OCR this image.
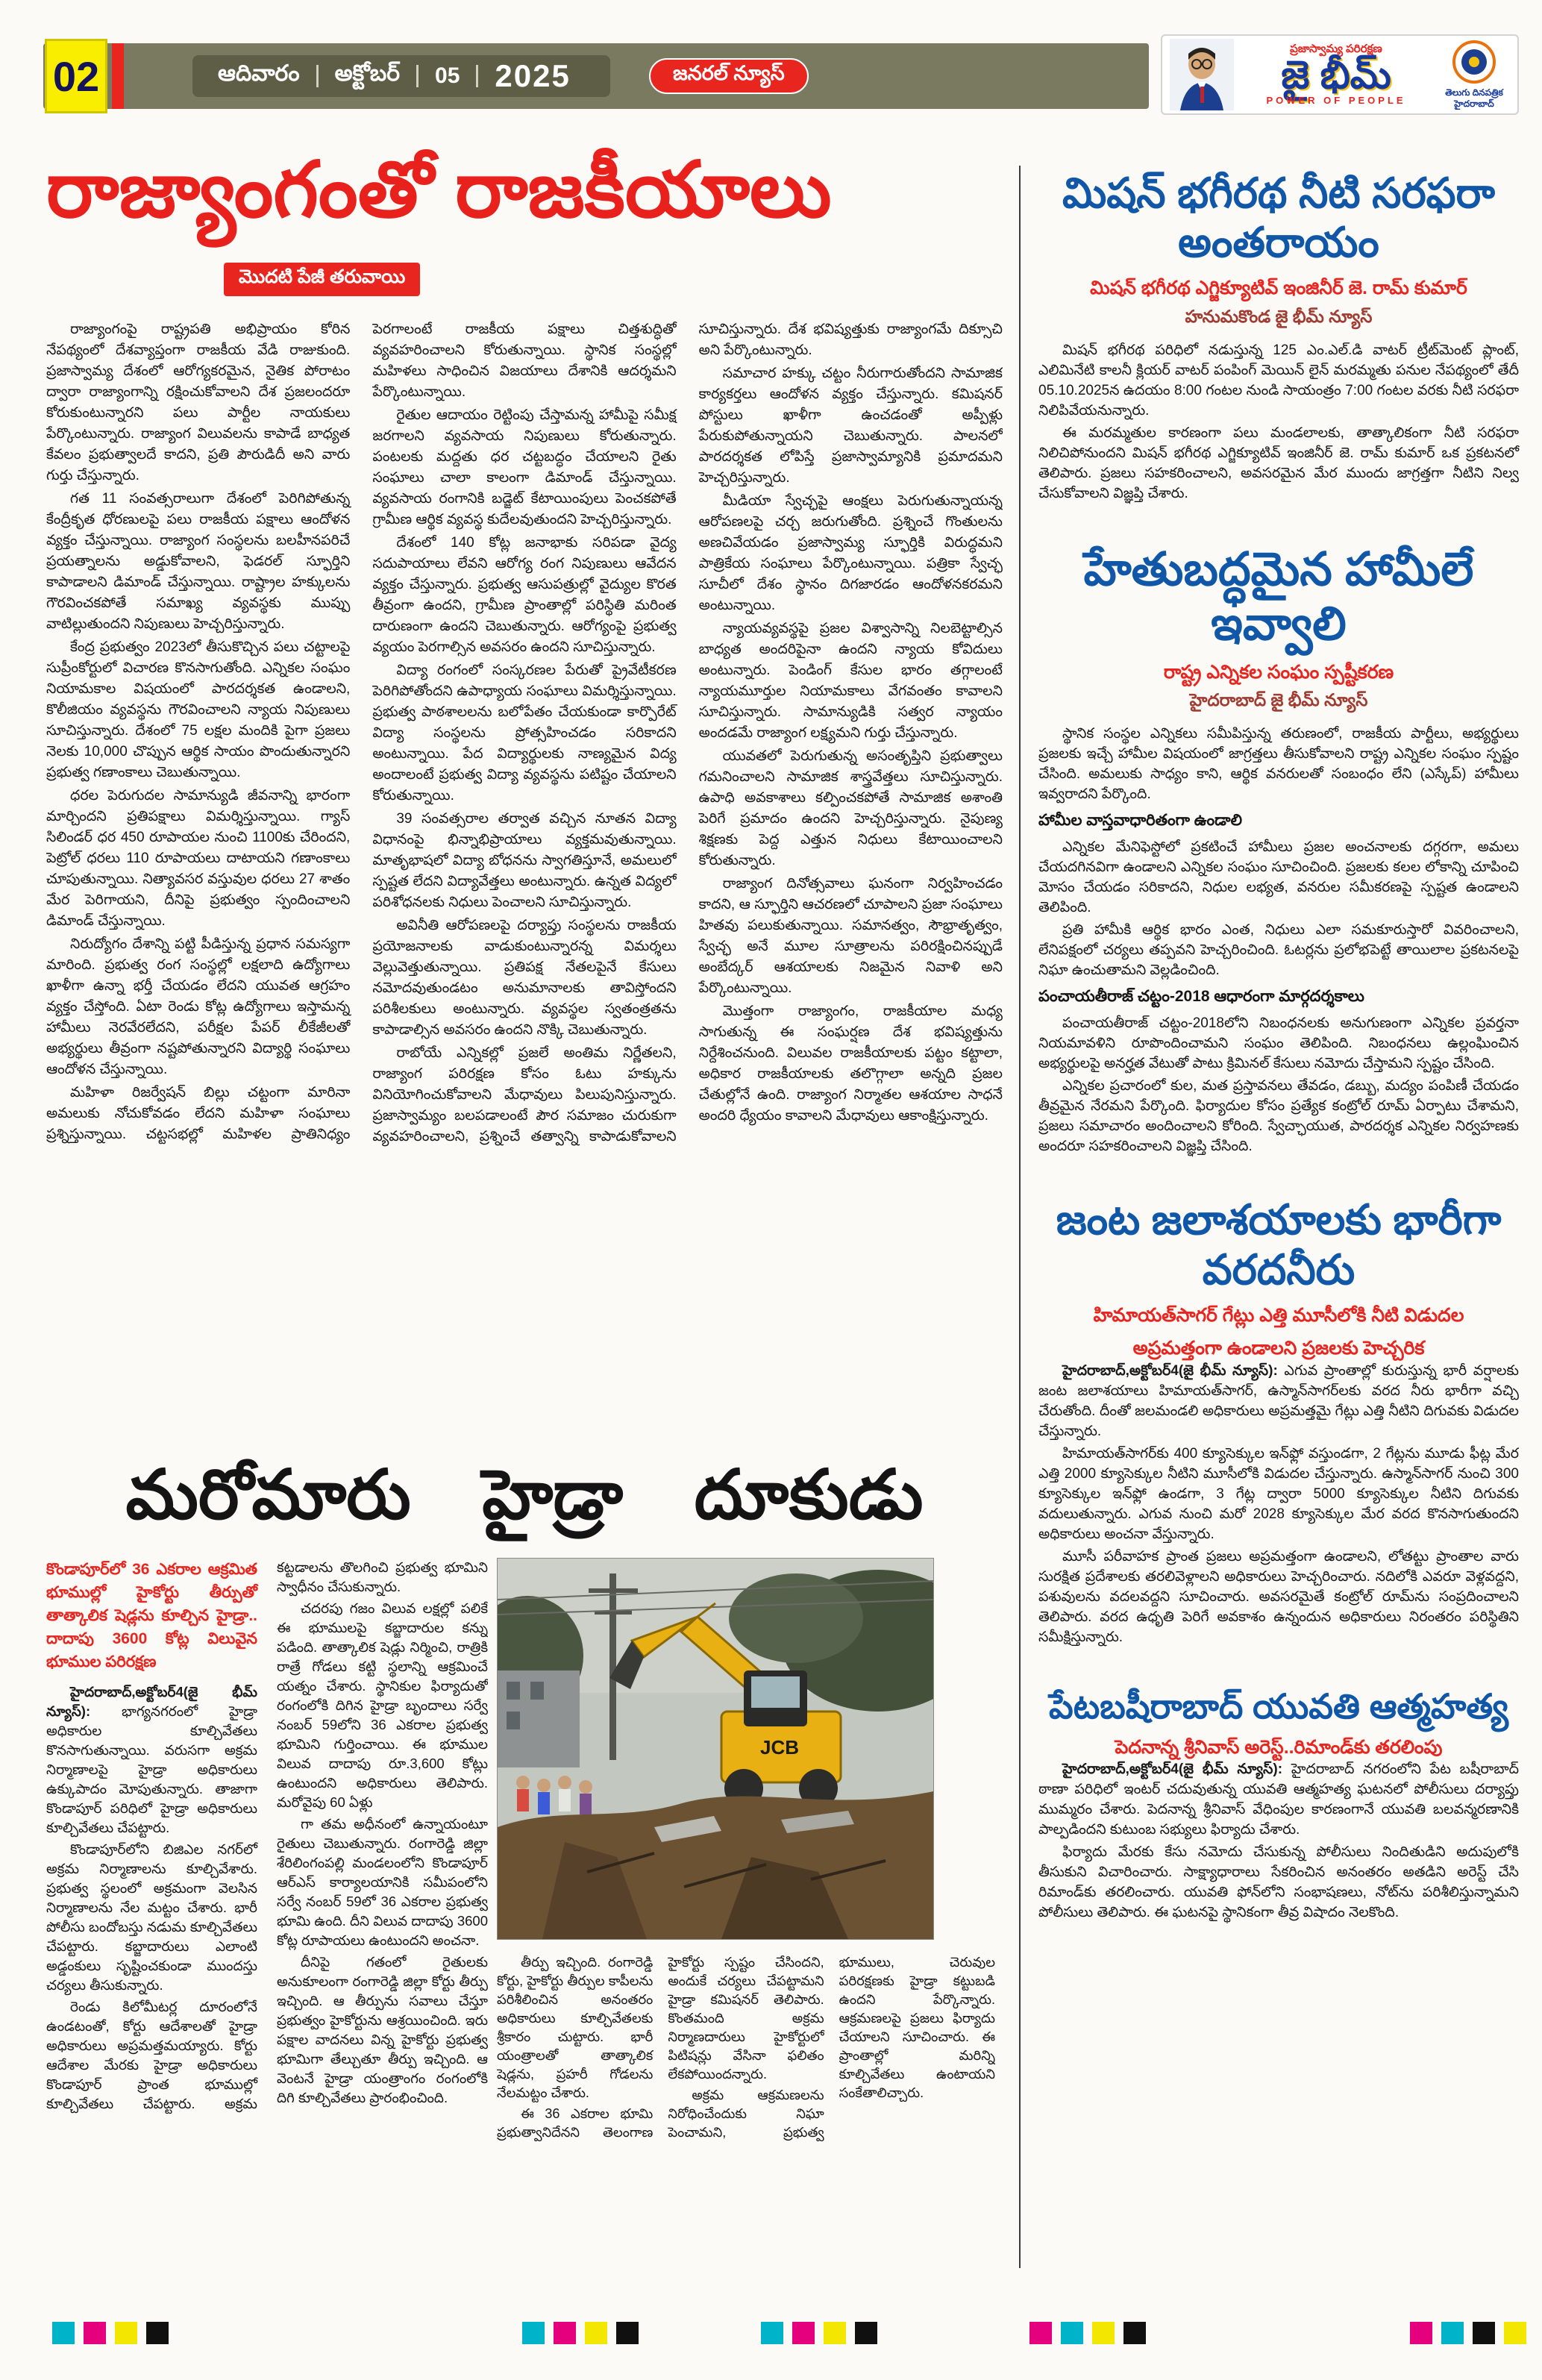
ఆదివారం అక్టోబర్ 05 2025	జనరల్ న్యూస్
02
ప్రజాస్వామ్య పరిరక్షణ
జై భీమ్
POWER OF PEOPLE
తెలుగు దినపత్రిక
హైదరాబాద్
రాజ్యాంగంతో రాజకీయాలు
మొదటి పేజీ తరువాయి

రాజ్యాంగంపై రాష్ట్రపతి అభిప్రాయం కోరిన నేపథ్యంలో దేశవ్యాప్తంగా రాజకీయ వేడి రాజుకుంది. ప్రజాస్వామ్య దేశంలో ఆరోగ్యకరమైన, నైతిక పోరాటం ద్వారా రాజ్యాంగాన్ని రక్షించుకోవాలని దేశ ప్రజలందరూ కోరుకుంటున్నారని పలు పార్టీల నాయకులు పేర్కొంటున్నారు. రాజ్యాంగ విలువలను కాపాడే బాధ్యత కేవలం ప్రభుత్వాలదే కాదని, ప్రతి పౌరుడిదీ అని వారు గుర్తు చేస్తున్నారు.

గత 11 సంవత్సరాలుగా దేశంలో పెరిగిపోతున్న కేంద్రీకృత ధోరణులపై పలు రాజకీయ పక్షాలు ఆందోళన వ్యక్తం చేస్తున్నాయి. రాజ్యాంగ సంస్థలను బలహీనపరిచే ప్రయత్నాలను అడ్డుకోవాలని, ఫెడరల్ స్ఫూర్తిని కాపాడాలని డిమాండ్ చేస్తున్నాయి. రాష్ట్రాల హక్కులను గౌరవించకపోతే సమాఖ్య వ్యవస్థకు ముప్పు వాటిల్లుతుందని నిపుణులు హెచ్చరిస్తున్నారు.

కేంద్ర ప్రభుత్వం 2023లో తీసుకొచ్చిన పలు చట్టాలపై సుప్రీంకోర్టులో విచారణ కొనసాగుతోంది. ఎన్నికల సంఘం నియామకాల విషయంలో పారదర్శకత ఉండాలని, కొలీజియం వ్యవస్థను గౌరవించాలని న్యాయ నిపుణులు సూచిస్తున్నారు. దేశంలో 75 లక్షల మందికి పైగా ప్రజలు నెలకు 10,000 చొప్పున ఆర్థిక సాయం పొందుతున్నారని ప్రభుత్వ గణాంకాలు చెబుతున్నాయి.

ధరల పెరుగుదల సామాన్యుడి జీవనాన్ని భారంగా మార్చిందని ప్రతిపక్షాలు విమర్శిస్తున్నాయి. గ్యాస్ సిలిండర్ ధర 450 రూపాయల నుంచి 1100కు చేరిందని, పెట్రోల్ ధరలు 110 రూపాయలు దాటాయని గణాంకాలు చూపుతున్నాయి. నిత్యావసర వస్తువుల ధరలు 27 శాతం మేర పెరిగాయని, దీనిపై ప్రభుత్వం స్పందించాలని డిమాండ్ చేస్తున్నాయి.

నిరుద్యోగం దేశాన్ని పట్టి పీడిస్తున్న ప్రధాన సమస్యగా మారింది. ప్రభుత్వ రంగ సంస్థల్లో లక్షలాది ఉద్యోగాలు ఖాళీగా ఉన్నా భర్తీ చేయడం లేదని యువత ఆగ్రహం వ్యక్తం చేస్తోంది. ఏటా రెండు కోట్ల ఉద్యోగాలు ఇస్తామన్న హామీలు నెరవేరలేదని, పరీక్షల పేపర్ లీకేజీలతో అభ్యర్థులు తీవ్రంగా నష్టపోతున్నారని విద్యార్థి సంఘాలు ఆందోళన చేస్తున్నాయి.

మహిళా రిజర్వేషన్ బిల్లు చట్టంగా మారినా అమలుకు నోచుకోవడం లేదని మహిళా సంఘాలు ప్రశ్నిస్తున్నాయి. చట్టసభల్లో మహిళల ప్రాతినిధ్యం పెరగాలంటే రాజకీయ పక్షాలు చిత్తశుద్ధితో వ్యవహరించాలని కోరుతున్నాయి. స్థానిక సంస్థల్లో మహిళలు సాధించిన విజయాలు దేశానికి ఆదర్శమని పేర్కొంటున్నాయి.

రైతుల ఆదాయం రెట్టింపు చేస్తామన్న హామీపై సమీక్ష జరగాలని వ్యవసాయ నిపుణులు కోరుతున్నారు. పంటలకు మద్దతు ధర చట్టబద్ధం చేయాలని రైతు సంఘాలు చాలా కాలంగా డిమాండ్ చేస్తున్నాయి. వ్యవసాయ రంగానికి బడ్జెట్ కేటాయింపులు పెంచకపోతే గ్రామీణ ఆర్థిక వ్యవస్థ కుదేలవుతుందని హెచ్చరిస్తున్నారు.

దేశంలో 140 కోట్ల జనాభాకు సరిపడా వైద్య సదుపాయాలు లేవని ఆరోగ్య రంగ నిపుణులు ఆవేదన వ్యక్తం చేస్తున్నారు. ప్రభుత్వ ఆసుపత్రుల్లో వైద్యుల కొరత తీవ్రంగా ఉందని, గ్రామీణ ప్రాంతాల్లో పరిస్థితి మరింత దారుణంగా ఉందని చెబుతున్నారు. ఆరోగ్యంపై ప్రభుత్వ వ్యయం పెరగాల్సిన అవసరం ఉందని సూచిస్తున్నారు.

విద్యా రంగంలో సంస్కరణల పేరుతో ప్రైవేటీకరణ పెరిగిపోతోందని ఉపాధ్యాయ సంఘాలు విమర్శిస్తున్నాయి. ప్రభుత్వ పాఠశాలలను బలోపేతం చేయకుండా కార్పొరేట్ విద్యా సంస్థలను ప్రోత్సహించడం సరికాదని అంటున్నాయి. పేద విద్యార్థులకు నాణ్యమైన విద్య అందాలంటే ప్రభుత్వ విద్యా వ్యవస్థను పటిష్టం చేయాలని కోరుతున్నాయి.

39 సంవత్సరాల తర్వాత వచ్చిన నూతన విద్యా విధానంపై భిన్నాభిప్రాయాలు వ్యక్తమవుతున్నాయి. మాతృభాషలో విద్యా బోధనను స్వాగతిస్తూనే, అమలులో స్పష్టత లేదని విద్యావేత్తలు అంటున్నారు. ఉన్నత విద్యలో పరిశోధనలకు నిధులు పెంచాలని సూచిస్తున్నారు.

అవినీతి ఆరోపణలపై దర్యాప్తు సంస్థలను రాజకీయ ప్రయోజనాలకు వాడుకుంటున్నారన్న విమర్శలు వెల్లువెత్తుతున్నాయి. ప్రతిపక్ష నేతలపైనే కేసులు నమోదవుతుండటం అనుమానాలకు తావిస్తోందని పరిశీలకులు అంటున్నారు. వ్యవస్థల స్వతంత్రతను కాపాడాల్సిన అవసరం ఉందని నొక్కి చెబుతున్నారు.

రాబోయే ఎన్నికల్లో ప్రజలే అంతిమ నిర్ణేతలని, రాజ్యాంగ పరిరక్షణ కోసం ఓటు హక్కును వినియోగించుకోవాలని మేధావులు పిలుపునిస్తున్నారు. ప్రజాస్వామ్యం బలపడాలంటే పౌర సమాజం చురుకుగా వ్యవహరించాలని, ప్రశ్నించే తత్వాన్ని కాపాడుకోవాలని సూచిస్తున్నారు. దేశ భవిష్యత్తుకు రాజ్యాంగమే దిక్సూచి అని పేర్కొంటున్నారు.

సమాచార హక్కు చట్టం నీరుగారుతోందని సామాజిక కార్యకర్తలు ఆందోళన వ్యక్తం చేస్తున్నారు. కమిషనర్ పోస్టులు ఖాళీగా ఉంచడంతో అప్పీళ్లు పేరుకుపోతున్నాయని చెబుతున్నారు. పాలనలో పారదర్శకత లోపిస్తే ప్రజాస్వామ్యానికి ప్రమాదమని హెచ్చరిస్తున్నారు.

మీడియా స్వేచ్ఛపై ఆంక్షలు పెరుగుతున్నాయన్న ఆరోపణలపై చర్చ జరుగుతోంది. ప్రశ్నించే గొంతులను అణచివేయడం ప్రజాస్వామ్య స్ఫూర్తికి విరుద్ధమని పాత్రికేయ సంఘాలు పేర్కొంటున్నాయి. పత్రికా స్వేచ్ఛ సూచీలో దేశం స్థానం దిగజారడం ఆందోళనకరమని అంటున్నాయి.

న్యాయవ్యవస్థపై ప్రజల విశ్వాసాన్ని నిలబెట్టాల్సిన బాధ్యత అందరిపైనా ఉందని న్యాయ కోవిదులు అంటున్నారు. పెండింగ్ కేసుల భారం తగ్గాలంటే న్యాయమూర్తుల నియామకాలు వేగవంతం కావాలని సూచిస్తున్నారు. సామాన్యుడికి సత్వర న్యాయం అందడమే రాజ్యాంగ లక్ష్యమని గుర్తు చేస్తున్నారు.

యువతలో పెరుగుతున్న అసంతృప్తిని ప్రభుత్వాలు గమనించాలని సామాజిక శాస్త్రవేత్తలు సూచిస్తున్నారు. ఉపాధి అవకాశాలు కల్పించకపోతే సామాజిక అశాంతి పెరిగే ప్రమాదం ఉందని హెచ్చరిస్తున్నారు. నైపుణ్య శిక్షణకు పెద్ద ఎత్తున నిధులు కేటాయించాలని కోరుతున్నారు.

రాజ్యాంగ దినోత్సవాలు ఘనంగా నిర్వహించడం కాదని, ఆ స్ఫూర్తిని ఆచరణలో చూపాలని ప్రజా సంఘాలు హితవు పలుకుతున్నాయి. సమానత్వం, సౌభ్రాతృత్వం, స్వేచ్ఛ అనే మూల సూత్రాలను పరిరక్షించినప్పుడే అంబేద్కర్ ఆశయాలకు నిజమైన నివాళి అని పేర్కొంటున్నాయి.

మొత్తంగా రాజ్యాంగం, రాజకీయాల మధ్య సాగుతున్న ఈ సంఘర్షణ దేశ భవిష్యత్తును నిర్దేశించనుంది. విలువల రాజకీయాలకు పట్టం కట్టాలా, అధికార రాజకీయాలకు తలొగ్గాలా అన్నది ప్రజల చేతుల్లోనే ఉంది. రాజ్యాంగ నిర్మాతల ఆశయాల సాధనే అందరి ధ్యేయం కావాలని మేధావులు ఆకాంక్షిస్తున్నారు.

మిషన్ భగీరథ నీటి సరఫరా అంతరాయం
మిషన్ భగీరథ ఎగ్జిక్యూటివ్ ఇంజినీర్ జె. రామ్ కుమార్
హనుమకొండ జై భీమ్ న్యూస్

మిషన్ భగీరథ పరిధిలో నడుస్తున్న 125 ఎం.ఎల్.డి వాటర్ ట్రీట్‌మెంట్ ప్లాంట్, ఎలిమినేటి కాలనీ క్లియర్ వాటర్ పంపింగ్ మెయిన్ లైన్ మరమ్మతు పనుల నేపథ్యంలో తేదీ 05.10.2025న ఉదయం 8:00 గంటల నుండి సాయంత్రం 7:00 గంటల వరకు నీటి సరఫరా నిలిపివేయనున్నారు.

ఈ మరమ్మతుల కారణంగా పలు మండలాలకు, తాత్కాలికంగా నీటి సరఫరా నిలిచిపోనుందని మిషన్ భగీరథ ఎగ్జిక్యూటివ్ ఇంజినీర్ జె. రామ్ కుమార్ ఒక ప్రకటనలో తెలిపారు. ప్రజలు సహకరించాలని, అవసరమైన మేర ముందు జాగ్రత్తగా నీటిని నిల్వ చేసుకోవాలని విజ్ఞప్తి చేశారు.

హేతుబద్ధమైన హామీలే ఇవ్వాలి
రాష్ట్ర ఎన్నికల సంఘం స్పష్టీకరణ
హైదరాబాద్ జై భీమ్ న్యూస్

స్థానిక సంస్థల ఎన్నికలు సమీపిస్తున్న తరుణంలో, రాజకీయ పార్టీలు, అభ్యర్థులు ప్రజలకు ఇచ్చే హామీల విషయంలో జాగ్రత్తలు తీసుకోవాలని రాష్ట్ర ఎన్నికల సంఘం స్పష్టం చేసింది. అమలుకు సాధ్యం కాని, ఆర్థిక వనరులతో సంబంధం లేని (ఎస్కేప్) హామీలు ఇవ్వరాదని పేర్కొంది.

హామీల వాస్తవాధారితంగా ఉండాలి

ఎన్నికల మేనిఫెస్టోలో ప్రకటించే హామీలు ప్రజల అంచనాలకు దగ్గరగా, అమలు చేయదగినవిగా ఉండాలని ఎన్నికల సంఘం సూచించింది. ప్రజలకు కలల లోకాన్ని చూపించి మోసం చేయడం సరికాదని, నిధుల లభ్యత, వనరుల సమీకరణపై స్పష్టత ఉండాలని తెలిపింది.

ప్రతి హామీకి ఆర్థిక భారం ఎంత, నిధులు ఎలా సమకూరుస్తారో వివరించాలని, లేనిపక్షంలో చర్యలు తప్పవని హెచ్చరించింది. ఓటర్లను ప్రలోభపెట్టే తాయిలాల ప్రకటనలపై నిఘా ఉంచుతామని వెల్లడించింది.

పంచాయతీరాజ్ చట్టం-2018 ఆధారంగా మార్గదర్శకాలు

పంచాయతీరాజ్ చట్టం-2018లోని నిబంధనలకు అనుగుణంగా ఎన్నికల ప్రవర్తనా నియమావళిని రూపొందించామని సంఘం తెలిపింది. నిబంధనలు ఉల్లంఘించిన అభ్యర్థులపై అనర్హత వేటుతో పాటు క్రిమినల్ కేసులు నమోదు చేస్తామని స్పష్టం చేసింది.

ఎన్నికల ప్రచారంలో కుల, మత ప్రస్తావనలు తేవడం, డబ్బు, మద్యం పంపిణీ చేయడం తీవ్రమైన నేరమని పేర్కొంది. ఫిర్యాదుల కోసం ప్రత్యేక కంట్రోల్ రూమ్ ఏర్పాటు చేశామని, ప్రజలు సమాచారం అందించాలని కోరింది. స్వేచ్ఛాయుత, పారదర్శక ఎన్నికల నిర్వహణకు అందరూ సహకరించాలని విజ్ఞప్తి చేసింది.

జంట జలాశయాలకు భారీగా వరదనీరు
హిమాయత్‌సాగర్ గేట్లు ఎత్తి మూసీలోకి నీటి విడుదల
అప్రమత్తంగా ఉండాలని ప్రజలకు హెచ్చరిక

హైదరాబాద్,అక్టోబర్4(జై భీమ్ న్యూస్): ఎగువ ప్రాంతాల్లో కురుస్తున్న భారీ వర్షాలకు జంట జలాశయాలు హిమాయత్‌సాగర్, ఉస్మాన్‌సాగర్‌లకు వరద నీరు భారీగా వచ్చి చేరుతోంది. దీంతో జలమండలి అధికారులు అప్రమత్తమై గేట్లు ఎత్తి నీటిని దిగువకు విడుదల చేస్తున్నారు.

హిమాయత్‌సాగర్‌కు 400 క్యూసెక్కుల ఇన్‌ఫ్లో వస్తుండగా, 2 గేట్లను మూడు ఫీట్ల మేర ఎత్తి 2000 క్యూసెక్కుల నీటిని మూసీలోకి విడుదల చేస్తున్నారు. ఉస్మాన్‌సాగర్ నుంచి 300 క్యూసెక్కుల ఇన్‌ఫ్లో ఉండగా, 3 గేట్ల ద్వారా 5000 క్యూసెక్కుల నీటిని దిగువకు వదులుతున్నారు. ఎగువ నుంచి మరో 2028 క్యూసెక్కుల మేర వరద కొనసాగుతుందని అధికారులు అంచనా వేస్తున్నారు.

మూసీ పరీవాహక ప్రాంత ప్రజలు అప్రమత్తంగా ఉండాలని, లోతట్టు ప్రాంతాల వారు సురక్షిత ప్రదేశాలకు తరలివెళ్లాలని అధికారులు హెచ్చరించారు. నదిలోకి ఎవరూ వెళ్లవద్దని, పశువులను వదలవద్దని సూచించారు. అవసరమైతే కంట్రోల్ రూమ్‌ను సంప్రదించాలని తెలిపారు. వరద ఉధృతి పెరిగే అవకాశం ఉన్నందున అధికారులు నిరంతరం పరిస్థితిని సమీక్షిస్తున్నారు.

పేటబషీరాబాద్ యువతి ఆత్మహత్య
పెదనాన్న శ్రీనివాస్ అరెస్ట్..రిమాండ్‌కు తరలింపు

హైదరాబాద్,అక్టోబర్4(జై భీమ్ న్యూస్): హైదరాబాద్ నగరంలోని పేట బషీరాబాద్ ఠాణా పరిధిలో ఇంటర్ చదువుతున్న యువతి ఆత్మహత్య ఘటనలో పోలీసులు దర్యాప్తు ముమ్మరం చేశారు. పెదనాన్న శ్రీనివాస్ వేధింపుల కారణంగానే యువతి బలవన్మరణానికి పాల్పడిందని కుటుంబ సభ్యులు ఫిర్యాదు చేశారు.

ఫిర్యాదు మేరకు కేసు నమోదు చేసుకున్న పోలీసులు నిందితుడిని అదుపులోకి తీసుకుని విచారించారు. సాక్ష్యాధారాలు సేకరించిన అనంతరం అతడిని అరెస్ట్ చేసి రిమాండ్‌కు తరలించారు. యువతి ఫోన్‌లోని సంభాషణలు, నోట్‌ను పరిశీలిస్తున్నామని పోలీసులు తెలిపారు. ఈ ఘటనపై స్థానికంగా తీవ్ర విషాదం నెలకొంది.

మరోమారు హైడ్రా దూకుడు

కొండాపూర్‌లో 36 ఎకరాల ఆక్రమిత భూముల్లో హైకోర్టు తీర్పుతో తాత్కాలిక షెడ్లను కూల్చిన హైడ్రా.. దాదాపు 3600 కోట్ల విలువైన భూముల పరిరక్షణ

హైదరాబాద్,అక్టోబర్4(జై భీమ్ న్యూస్): భాగ్యనగరంలో హైడ్రా అధికారుల కూల్చివేతలు కొనసాగుతున్నాయి. వరుసగా అక్రమ నిర్మాణాలపై హైడ్రా అధికారులు ఉక్కుపాదం మోపుతున్నారు. తాజాగా కొండాపూర్ పరిధిలో హైడ్రా అధికారులు కూల్చివేతలు చేపట్టారు.

కొండాపూర్‌లోని బిజిఎల నగర్‌లో అక్రమ నిర్మాణాలను కూల్చివేశారు. ప్రభుత్వ స్థలంలో అక్రమంగా వెలసిన నిర్మాణాలను నేల మట్టం చేశారు. భారీ పోలీసు బందోబస్తు నడుమ కూల్చివేతలు చేపట్టారు. కబ్జాదారులు ఎలాంటి అడ్డంకులు సృష్టించకుండా ముందస్తు చర్యలు తీసుకున్నారు.

రెండు కిలోమీటర్ల దూరంలోనే ఉండటంతో, కోర్టు ఆదేశాలతో హైడ్రా అధికారులు అప్రమత్తమయ్యారు. కోర్టు ఆదేశాల మేరకు హైడ్రా అధికారులు కొండాపూర్ ప్రాంత భూముల్లో కూల్చివేతలు చేపట్టారు. అక్రమ కట్టడాలను తొలగించి ప్రభుత్వ భూమిని స్వాధీనం చేసుకున్నారు.

చదరపు గజం విలువ లక్షల్లో పలికే ఈ భూములపై కబ్జాదారుల కన్ను పడింది. తాత్కాలిక షెడ్లు నిర్మించి, రాత్రికి రాత్రే గోడలు కట్టి స్థలాన్ని ఆక్రమించే యత్నం చేశారు. స్థానికుల ఫిర్యాదుతో రంగంలోకి దిగిన హైడ్రా బృందాలు సర్వే నంబర్ 59లోని 36 ఎకరాల ప్రభుత్వ భూమిని గుర్తించాయి. ఈ భూముల విలువ దాదాపు రూ.3,600 కోట్లు ఉంటుందని అధికారులు తెలిపారు. మరోవైపు 60 ఏళ్లు

గా తమ అధీనంలో ఉన్నాయంటూ రైతులు చెబుతున్నారు. రంగారెడ్డి జిల్లా శేరిలింగంపల్లి మండలంలోని కొండాపూర్ ఆర్ఎస్ కార్యాలయానికి సమీపంలోని సర్వే నంబర్ 59లో 36 ఎకరాల ప్రభుత్వ భూమి ఉంది. దీని విలువ దాదాపు 3600 కోట్ల రూపాయలు ఉంటుందని అంచనా.

దీనిపై గతంలో రైతులకు అనుకూలంగా రంగారెడ్డి జిల్లా కోర్టు తీర్పు ఇచ్చింది. ఆ తీర్పును సవాలు చేస్తూ ప్రభుత్వం హైకోర్టును ఆశ్రయించింది. ఇరు పక్షాల వాదనలు విన్న హైకోర్టు ప్రభుత్వ భూమిగా తేల్చుతూ తీర్పు ఇచ్చింది. ఆ వెంటనే హైడ్రా యంత్రాంగం రంగంలోకి దిగి కూల్చివేతలు ప్రారంభించింది.

JCB

తీర్పు ఇచ్చింది. రంగారెడ్డి కోర్టు, హైకోర్టు తీర్పుల కాపీలను పరిశీలించిన అనంతరం అధికారులు కూల్చివేతలకు శ్రీకారం చుట్టారు. భారీ యంత్రాలతో తాత్కాలిక షెడ్లను, ప్రహరీ గోడలను నేలమట్టం చేశారు.

ఈ 36 ఎకరాల భూమి ప్రభుత్వానిదేనని తెలంగాణ హైకోర్టు స్పష్టం చేసిందని, అందుకే చర్యలు చేపట్టామని హైడ్రా కమిషనర్ తెలిపారు. కొంతమంది అక్రమ నిర్మాణదారులు హైకోర్టులో పిటిషన్లు వేసినా ఫలితం లేకపోయిందన్నారు.

అక్రమ ఆక్రమణలను నిరోధించేందుకు నిఘా పెంచామని, ప్రభుత్వ భూములు, చెరువుల పరిరక్షణకు హైడ్రా కట్టుబడి ఉందని పేర్కొన్నారు. ఆక్రమణలపై ప్రజలు ఫిర్యాదు చేయాలని సూచించారు. ఈ ప్రాంతాల్లో మరిన్ని కూల్చివేతలు ఉంటాయని సంకేతాలిచ్చారు.
